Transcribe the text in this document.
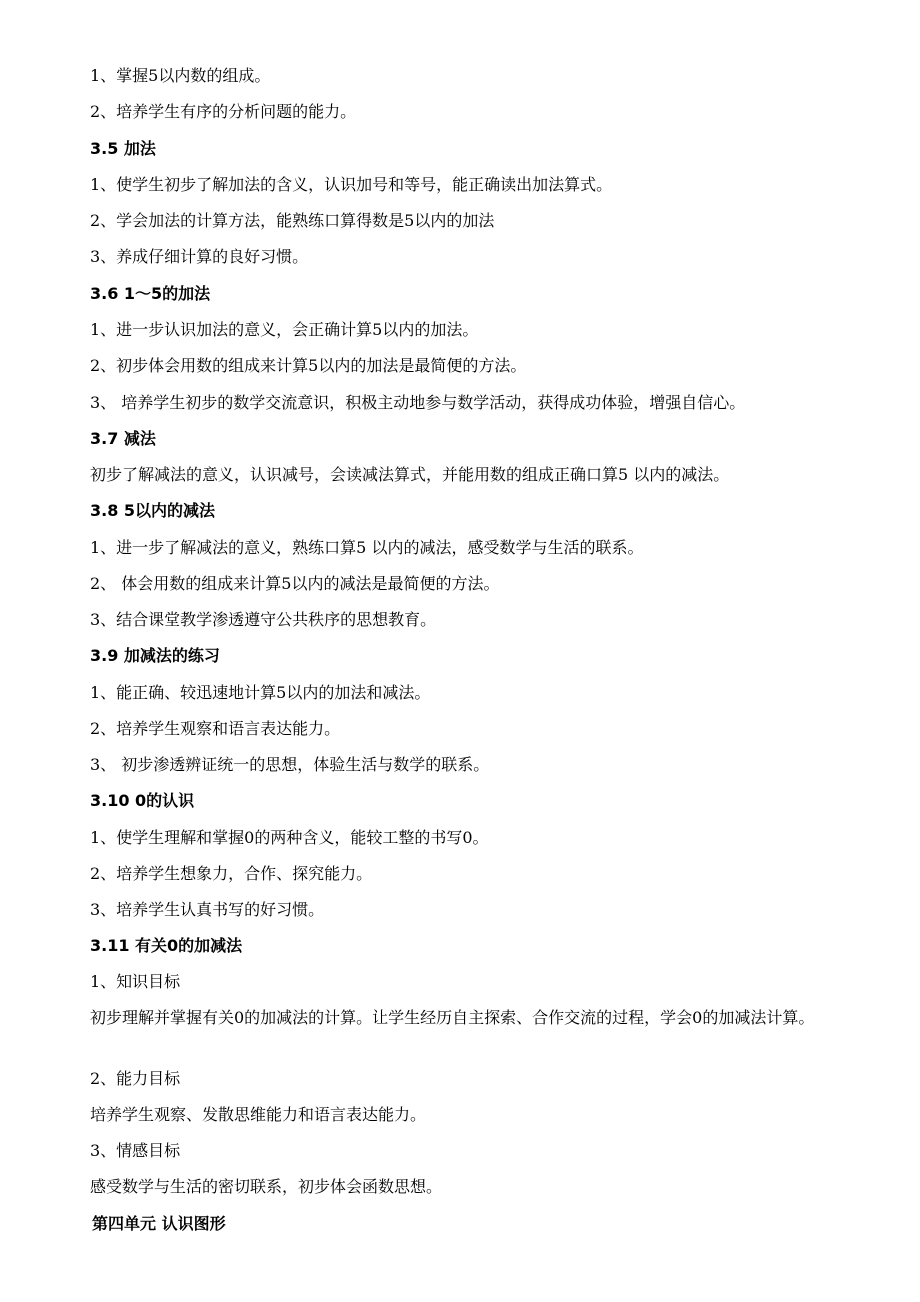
1、掌握5以内数的组成。
2、培养学生有序的分析问题的能力。
3.5 加法
1、使学生初步了解加法的含义，认识加号和等号，能正确读出加法算式。
2、学会加法的计算方法，能熟练口算得数是5以内的加法
3、养成仔细计算的良好习惯。
3.6 1～5的加法
1、进一步认识加法的意义，会正确计算5以内的加法。
2、初步体会用数的组成来计算5以内的加法是最简便的方法。
3、 培养学生初步的数学交流意识，积极主动地参与数学活动，获得成功体验，增强自信心。
3.7 减法
初步了解减法的意义，认识减号，会读减法算式，并能用数的组成正确口算5 以内的减法。
3.8 5以内的减法
1、进一步了解减法的意义，熟练口算5 以内的减法，感受数学与生活的联系。
2、 体会用数的组成来计算5以内的减法是最简便的方法。
3、结合课堂教学渗透遵守公共秩序的思想教育。
3.9 加减法的练习
1、能正确、较迅速地计算5以内的加法和减法。
2、培养学生观察和语言表达能力。
3、 初步渗透辨证统一的思想，体验生活与数学的联系。
3.10 0的认识
1、使学生理解和掌握0的两种含义，能较工整的书写0。
2、培养学生想象力，合作、探究能力。
3、培养学生认真书写的好习惯。
3.11 有关0的加减法
1、知识目标
初步理解并掌握有关0的加减法的计算。让学生经历自主探索、合作交流的过程，学会0的加减法计算。
2、能力目标
培养学生观察、发散思维能力和语言表达能力。
3、情感目标
感受数学与生活的密切联系，初步体会函数思想。
第四单元 认识图形
